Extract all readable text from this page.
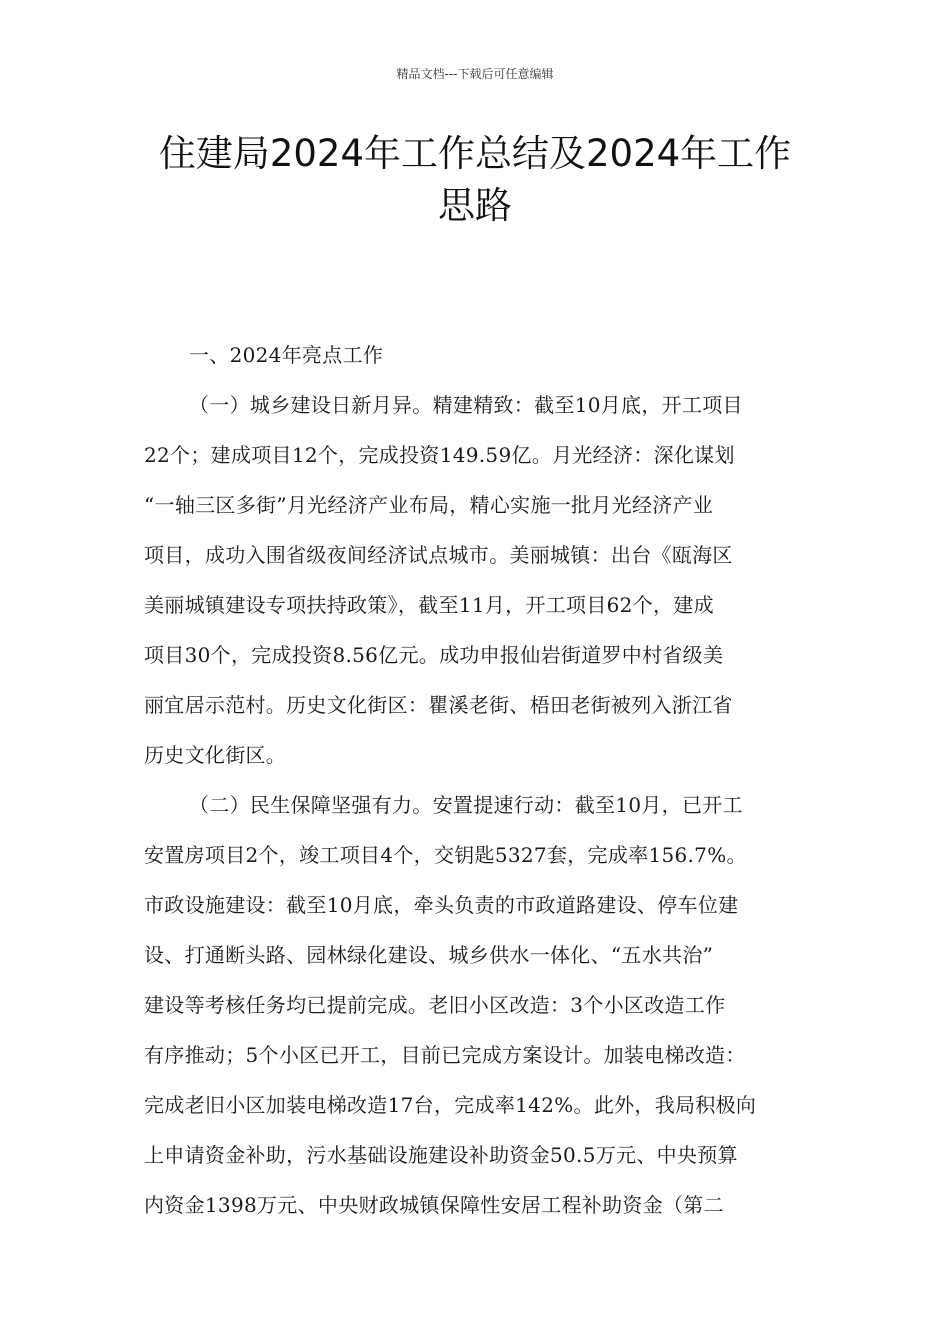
精品文档---下载后可任意编辑
住建局2024年工作总结及2024年工作
思路

一、2024年亮点工作

（一）城乡建设日新月异。精建精致：截至10月底，开工项目
22个；建成项目12个，完成投资149.59亿。月光经济：深化谋划
“一轴三区多街”月光经济产业布局，精心实施一批月光经济产业
项目，成功入围省级夜间经济试点城市。美丽城镇：出台《瓯海区
美丽城镇建设专项扶持政策》，截至11月，开工项目62个，建成
项目30个，完成投资8.56亿元。成功申报仙岩街道罗中村省级美
丽宜居示范村。历史文化街区：瞿溪老街、梧田老街被列入浙江省
历史文化街区。

（二）民生保障坚强有力。安置提速行动：截至10月，已开工
安置房项目2个，竣工项目4个，交钥匙5327套，完成率156.7%。
市政设施建设：截至10月底，牵头负责的市政道路建设、停车位建
设、打通断头路、园林绿化建设、城乡供水一体化、“五水共治”
建设等考核任务均已提前完成。老旧小区改造：3个小区改造工作
有序推动；5个小区已开工，目前已完成方案设计。加装电梯改造：
完成老旧小区加装电梯改造17台，完成率142%。此外，我局积极向
上申请资金补助，污水基础设施建设补助资金50.5万元、中央预算
内资金1398万元、中央财政城镇保障性安居工程补助资金（第二
